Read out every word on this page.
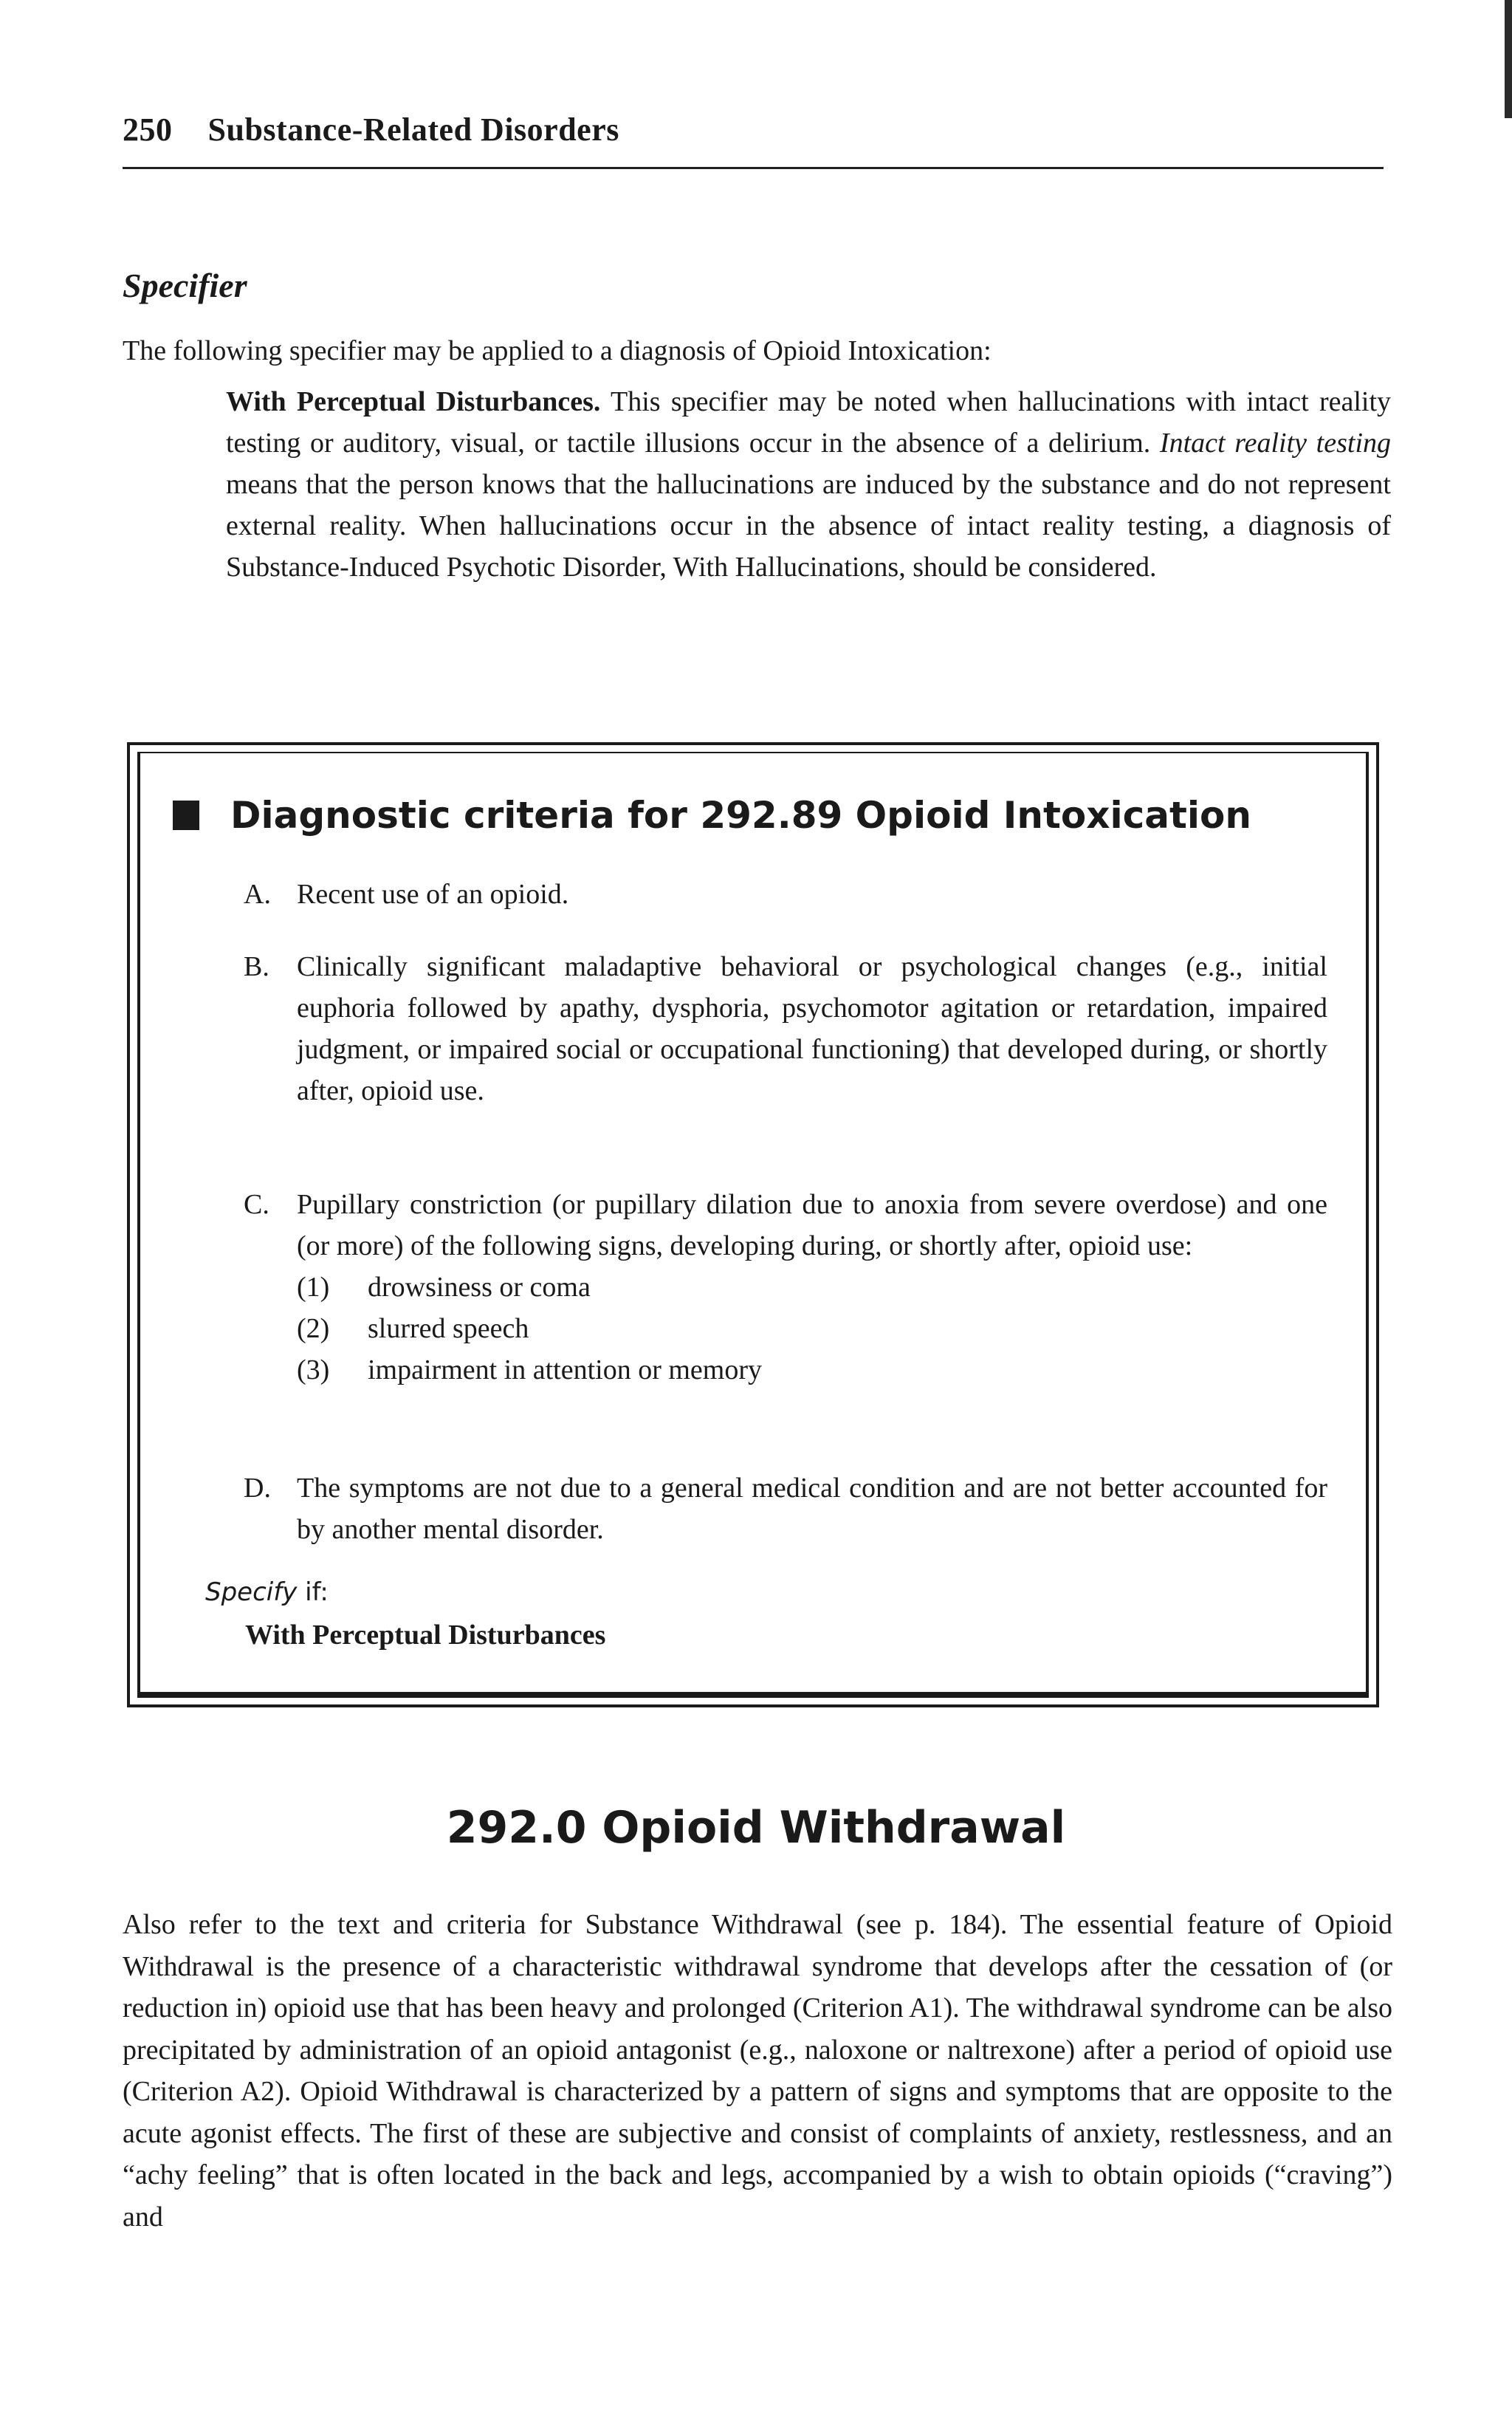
250 Substance-Related Disorders
Specifier
The following specifier may be applied to a diagnosis of Opioid Intoxication:
With Perceptual Disturbances. This specifier may be noted when hallucinations with intact reality testing or auditory, visual, or tactile illusions occur in the absence of a delirium. Intact reality testing means that the person knows that the hallucinations are induced by the substance and do not represent external reality. When hallucinations occur in the absence of intact reality testing, a diagnosis of Substance-Induced Psychotic Disorder, With Hallucinations, should be considered.
Diagnostic criteria for 292.89 Opioid Intoxication
A. Recent use of an opioid.
B. Clinically significant maladaptive behavioral or psychological changes (e.g., initial euphoria followed by apathy, dysphoria, psychomotor agitation or retardation, impaired judgment, or impaired social or occupational functioning) that developed during, or shortly after, opioid use.
C. Pupillary constriction (or pupillary dilation due to anoxia from severe overdose) and one (or more) of the following signs, developing during, or shortly after, opioid use:
(1) drowsiness or coma
(2) slurred speech
(3) impairment in attention or memory
D. The symptoms are not due to a general medical condition and are not better accounted for by another mental disorder.
Specify if:
With Perceptual Disturbances
292.0 Opioid Withdrawal
Also refer to the text and criteria for Substance Withdrawal (see p. 184). The essential feature of Opioid Withdrawal is the presence of a characteristic withdrawal syndrome that develops after the cessation of (or reduction in) opioid use that has been heavy and prolonged (Criterion A1). The withdrawal syndrome can be also precipitated by administration of an opioid antagonist (e.g., naloxone or naltrexone) after a period of opioid use (Criterion A2). Opioid Withdrawal is characterized by a pattern of signs and symptoms that are opposite to the acute agonist effects. The first of these are subjective and consist of complaints of anxiety, restlessness, and an “achy feeling” that is often located in the back and legs, accompanied by a wish to obtain opioids (“craving”) and
